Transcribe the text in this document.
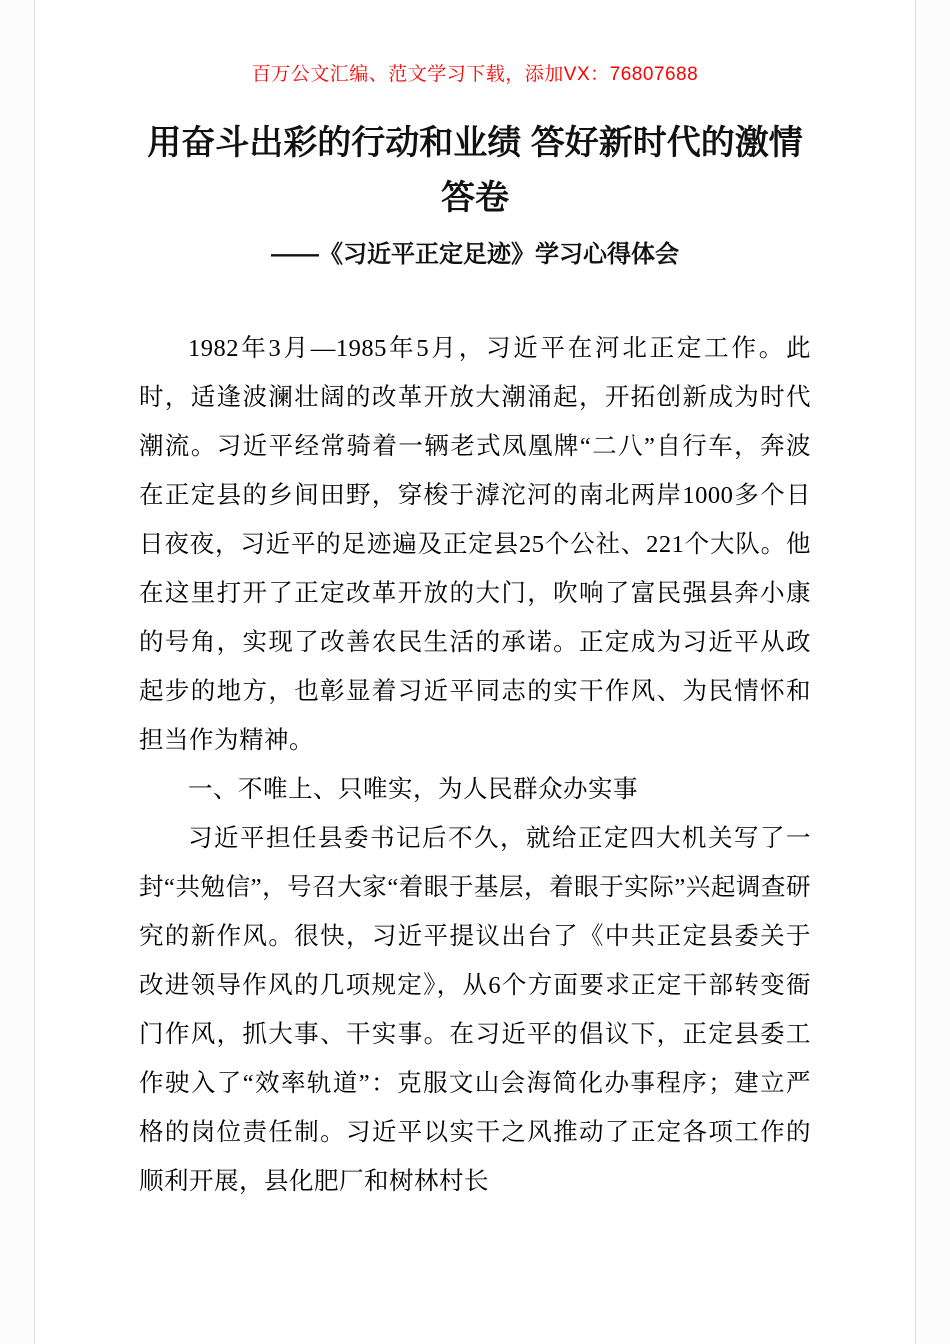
百万公文汇编、范文学习下载，添加VX：76807688
用奋斗出彩的行动和业绩 答好新时代的激情答卷
——《习近平正定足迹》学习心得体会

1982年3月—1985年5月，习近平在河北正定工作。此时，适逢波澜壮阔的改革开放大潮涌起，开拓创新成为时代潮流。习近平经常骑着一辆老式凤凰牌“二八”自行车，奔波在正定县的乡间田野，穿梭于滹沱河的南北两岸1000多个日日夜夜，习近平的足迹遍及正定县25个公社、221个大队。他在这里打开了正定改革开放的大门，吹响了富民强县奔小康的号角，实现了改善农民生活的承诺。正定成为习近平从政起步的地方，也彰显着习近平同志的实干作风、为民情怀和担当作为精神。

一、不唯上、只唯实，为人民群众办实事

习近平担任县委书记后不久，就给正定四大机关写了一封“共勉信”，号召大家“着眼于基层，着眼于实际”兴起调查研究的新作风。很快，习近平提议出台了《中共正定县委关于改进领导作风的几项规定》，从6个方面要求正定干部转变衙门作风，抓大事、干实事。在习近平的倡议下，正定县委工作驶入了“效率轨道”：克服文山会海简化办事程序；建立严格的岗位责任制。习近平以实干之风推动了正定各项工作的顺利开展，县化肥厂和树林村长
